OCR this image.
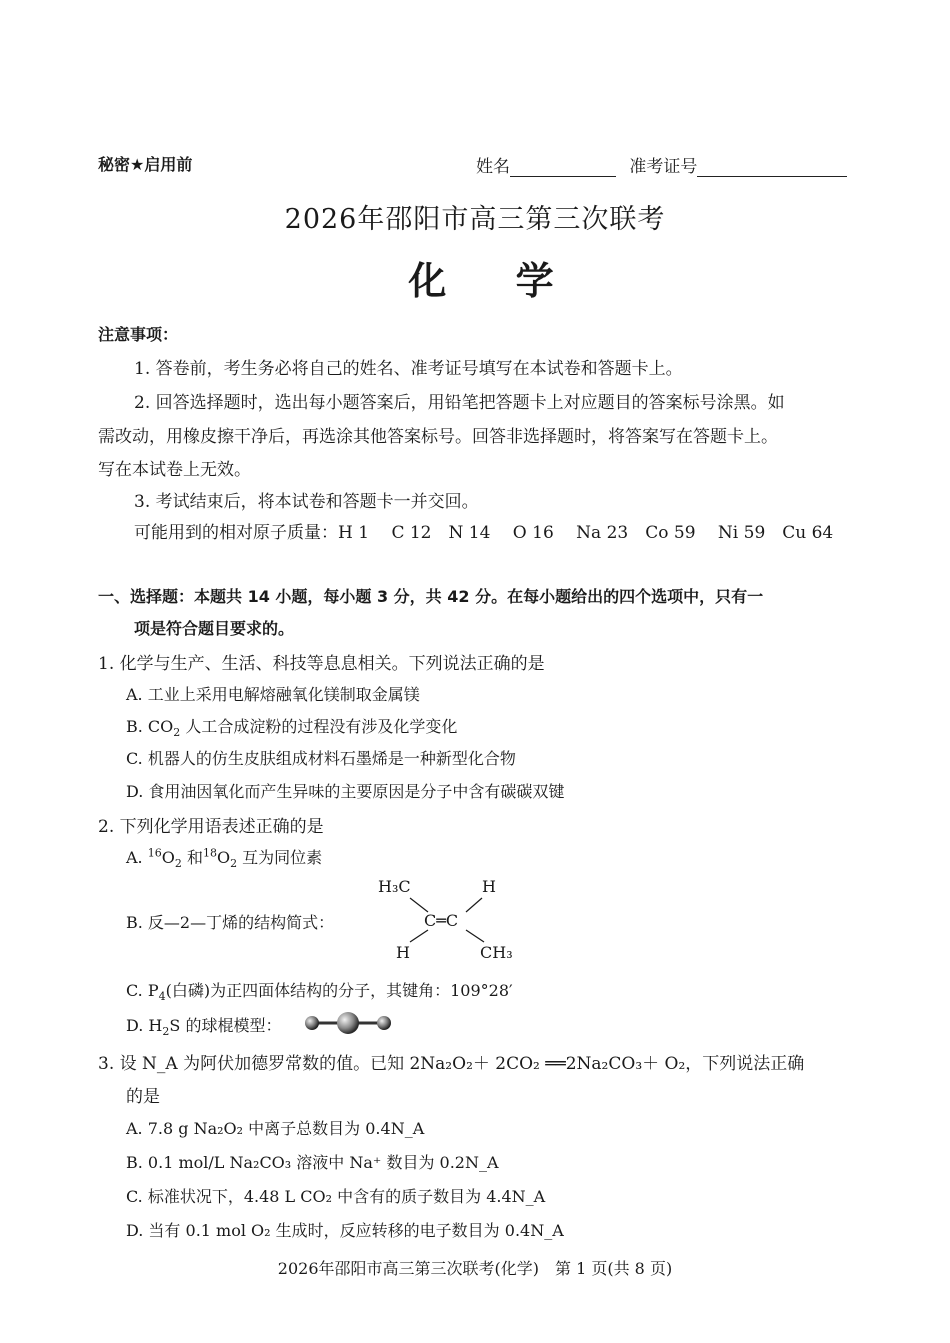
秘密★启用前	姓名	准考证号
2026年邵阳市高三第三次联考
化 学
注意事项：
1. 答卷前，考生务必将自己的姓名、准考证号填写在本试卷和答题卡上。
2. 回答选择题时，选出每小题答案后，用铅笔把答题卡上对应题目的答案标号涂黑。如
需改动，用橡皮擦干净后，再选涂其他答案标号。回答非选择题时，将答案写在答题卡上。
写在本试卷上无效。
3. 考试结束后，将本试卷和答题卡一并交回。
可能用到的相对原子质量：H 1　 C 12　N 14　 O 16　 Na 23　Co 59　 Ni 59　Cu 64
一、选择题：本题共 14 小题，每小题 3 分，共 42 分。在每小题给出的四个选项中，只有一
项是符合题目要求的。
1. 化学与生产、生活、科技等息息相关。下列说法正确的是
A. 工业上采用电解熔融氧化镁制取金属镁
B. $CO_2$ 人工合成淀粉的过程没有涉及化学变化
C. 机器人的仿生皮肤组成材料石墨烯是一种新型化合物
D. 食用油因氧化而产生异味的主要原因是分子中含有碳碳双键
2. 下列化学用语表述正确的是
A. $^{16}O_2$ 和$^{18}O_2$ 互为同位素
B. 反—2—丁烯的结构简式：
H₃C	H
C═C
H	CH₃
C. $P_4$(白磷)为正四面体结构的分子，其键角：109°28′
D. $H_2S$ 的球棍模型：
3. 设 N_A 为阿伏加德罗常数的值。已知 2Na₂O₂＋ 2CO₂ ══2Na₂CO₃＋ O₂，下列说法正确
的是
A. 7.8 g Na₂O₂ 中离子总数目为 0.4N_A
B. 0.1 mol/L Na₂CO₃ 溶液中 Na⁺ 数目为 0.2N_A
C. 标准状况下，4.48 L CO₂ 中含有的质子数目为 4.4N_A
D. 当有 0.1 mol O₂ 生成时，反应转移的电子数目为 0.4N_A
2026年邵阳市高三第三次联考(化学)　第 1 页(共 8 页)
